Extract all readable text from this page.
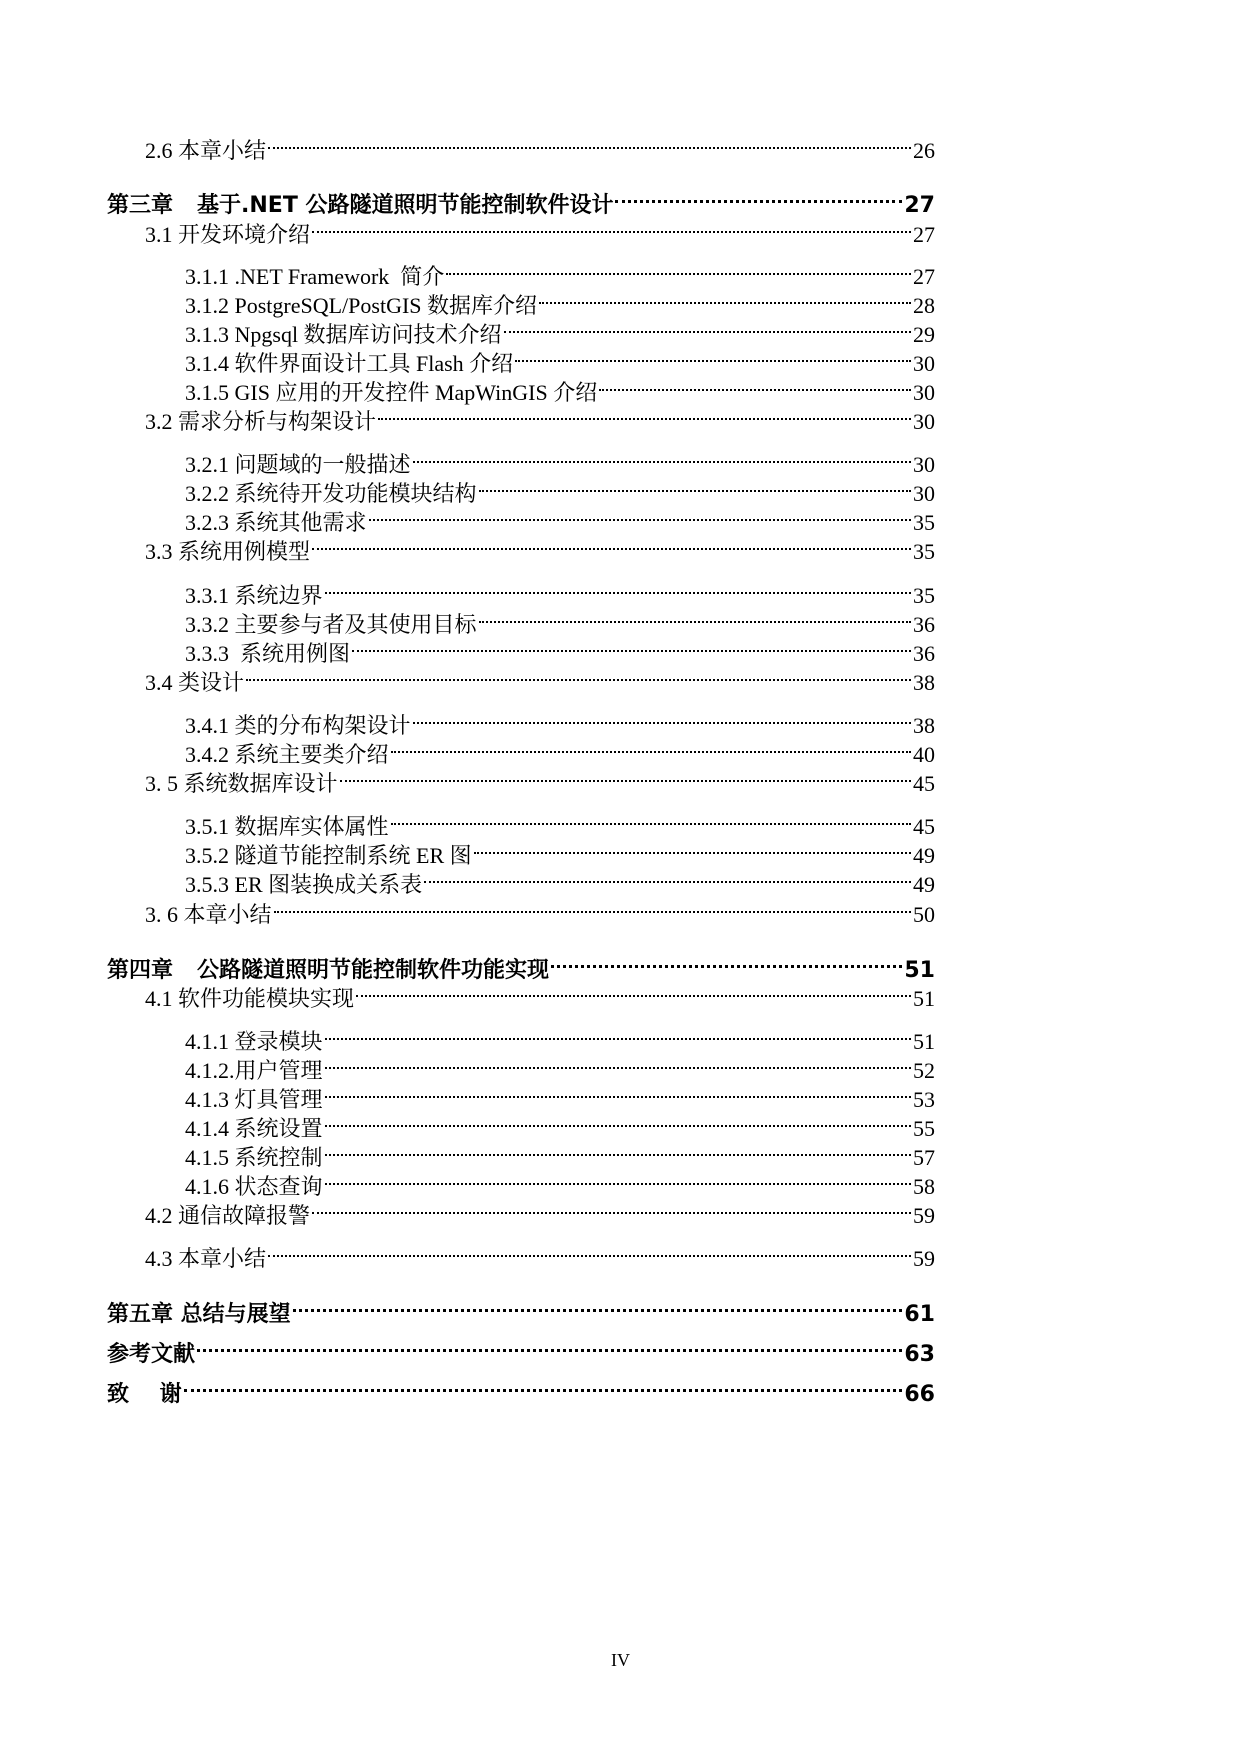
2.6 本章小结	26
第三章 基于.NET 公路隧道照明节能控制软件设计	27
3.1 开发环境介绍	27
3.1.1 .NET Framework  简介	27
3.1.2 PostgreSQL/PostGIS 数据库介绍	28
3.1.3 Npgsql 数据库访问技术介绍	29
3.1.4 软件界面设计工具 Flash 介绍	30
3.1.5 GIS 应用的开发控件 MapWinGIS 介绍	30
3.2 需求分析与构架设计	30
3.2.1 问题域的一般描述	30
3.2.2 系统待开发功能模块结构	30
3.2.3 系统其他需求	35
3.3 系统用例模型	35
3.3.1 系统边界	35
3.3.2 主要参与者及其使用目标	36
3.3.3  系统用例图	36
3.4 类设计	38
3.4.1 类的分布构架设计	38
3.4.2 系统主要类介绍	40
3. 5 系统数据库设计	45
3.5.1 数据库实体属性	45
3.5.2 隧道节能控制系统 ER 图	49
3.5.3 ER 图装换成关系表	49
3. 6 本章小结	50
第四章 公路隧道照明节能控制软件功能实现	51
4.1 软件功能模块实现	51
4.1.1 登录模块	51
4.1.2.用户管理	52
4.1.3 灯具管理	53
4.1.4 系统设置	55
4.1.5 系统控制	57
4.1.6 状态查询	58
4.2 通信故障报警	59
4.3 本章小结	59
第五章 总结与展望	61
参考文献	63
致    谢	66
IV
